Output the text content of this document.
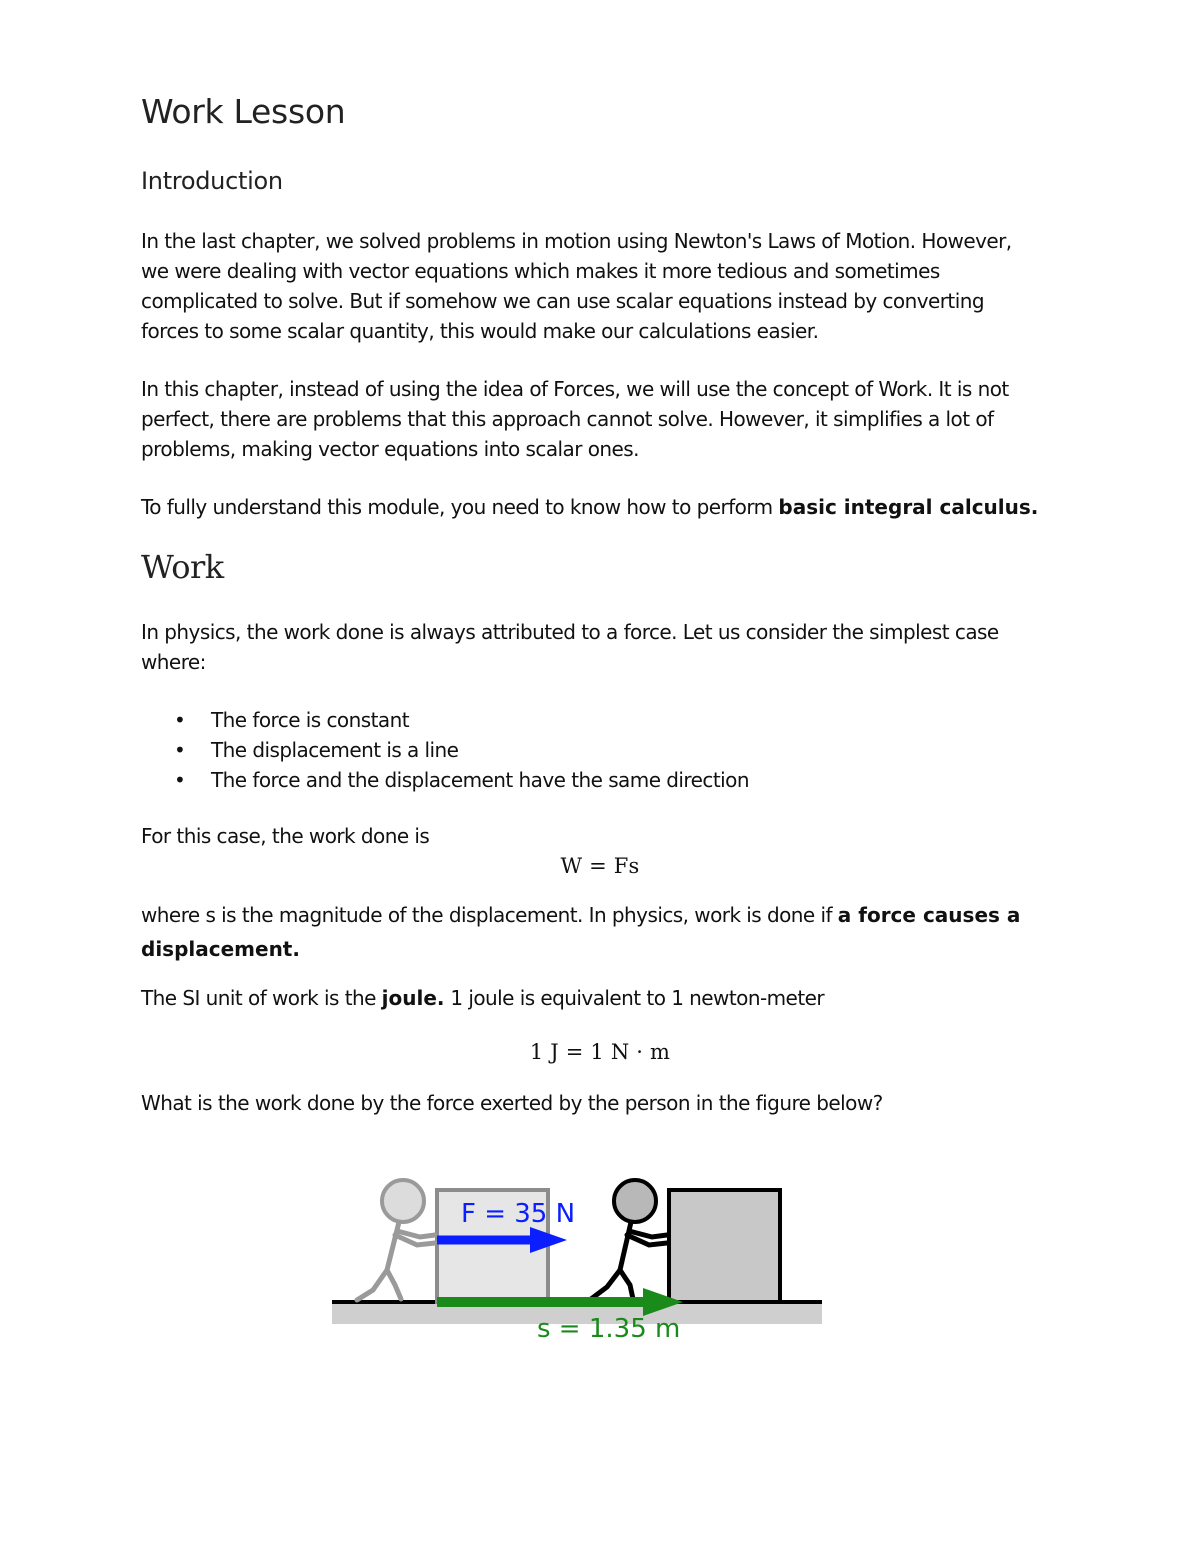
Work Lesson
Introduction
In the last chapter, we solved problems in motion using Newton's Laws of Motion. However,
we were dealing with vector equations which makes it more tedious and sometimes
complicated to solve. But if somehow we can use scalar equations instead by converting
forces to some scalar quantity, this would make our calculations easier.
In this chapter, instead of using the idea of Forces, we will use the concept of Work. It is not
perfect, there are problems that this approach cannot solve. However, it simplifies a lot of
problems, making vector equations into scalar ones.
To fully understand this module, you need to know how to perform basic integral calculus.
Work
In physics, the work done is always attributed to a force. Let us consider the simplest case
where:
• The force is constant
• The displacement is a line
• The force and the displacement have the same direction
For this case, the work done is
W = Fs
where s is the magnitude of the displacement. In physics, work is done if a force causes a
displacement.
The SI unit of work is the joule. 1 joule is equivalent to 1 newton-meter
1 J = 1 N · m
What is the work done by the force exerted by the person in the figure below?
F = 35 N
s = 1.35 m
